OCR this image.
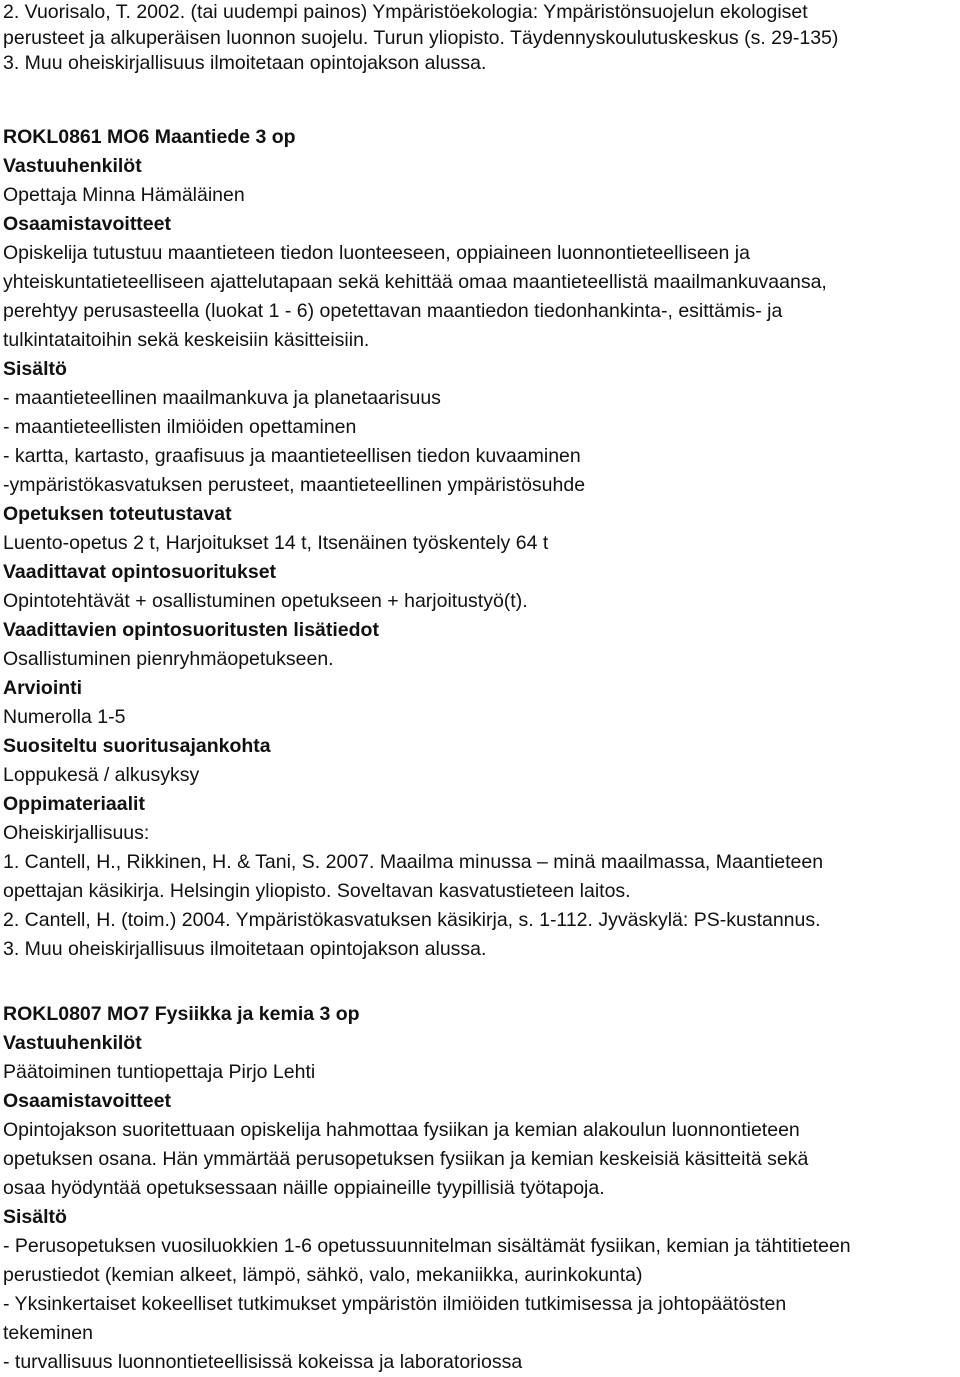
2. Vuorisalo, T. 2002. (tai uudempi painos) Ympäristöekologia: Ympäristönsuojelun ekologiset
perusteet ja alkuperäisen luonnon suojelu. Turun yliopisto. Täydennyskoulutuskeskus (s. 29-135)
3. Muu oheiskirjallisuus ilmoitetaan opintojakson alussa.
ROKL0861 MO6 Maantiede 3 op
Vastuuhenkilöt
Opettaja Minna Hämäläinen
Osaamistavoitteet
Opiskelija tutustuu maantieteen tiedon luonteeseen, oppiaineen luonnontieteelliseen ja
yhteiskuntatieteelliseen ajattelutapaan sekä kehittää omaa maantieteellistä maailmankuvaansa,
perehtyy perusasteella (luokat 1 - 6) opetettavan maantiedon tiedonhankinta-, esittämis- ja
tulkintataitoihin sekä keskeisiin käsitteisiin.
Sisältö
- maantieteellinen maailmankuva ja planetaarisuus
- maantieteellisten ilmiöiden opettaminen
- kartta, kartasto, graafisuus ja maantieteellisen tiedon kuvaaminen
-ympäristökasvatuksen perusteet, maantieteellinen ympäristösuhde
Opetuksen toteutustavat
Luento-opetus 2 t, Harjoitukset 14 t, Itsenäinen työskentely 64 t
Vaadittavat opintosuoritukset
Opintotehtävät + osallistuminen opetukseen + harjoitustyö(t).
Vaadittavien opintosuoritusten lisätiedot
Osallistuminen pienryhmäopetukseen.
Arviointi
Numerolla 1-5
Suositeltu suoritusajankohta
Loppukesä / alkusyksy
Oppimateriaalit
Oheiskirjallisuus:
1. Cantell, H., Rikkinen, H. & Tani, S. 2007. Maailma minussa – minä maailmassa, Maantieteen
opettajan käsikirja. Helsingin yliopisto. Soveltavan kasvatustieteen laitos.
2. Cantell, H. (toim.) 2004. Ympäristökasvatuksen käsikirja, s. 1-112. Jyväskylä: PS-kustannus.
3. Muu oheiskirjallisuus ilmoitetaan opintojakson alussa.
ROKL0807 MO7 Fysiikka ja kemia 3 op
Vastuuhenkilöt
Päätoiminen tuntiopettaja Pirjo Lehti
Osaamistavoitteet
Opintojakson suoritettuaan opiskelija hahmottaa fysiikan ja kemian alakoulun luonnontieteen
opetuksen osana. Hän ymmärtää perusopetuksen fysiikan ja kemian keskeisiä käsitteitä sekä
osaa hyödyntää opetuksessaan näille oppiaineille tyypillisiä työtapoja.
Sisältö
- Perusopetuksen vuosiluokkien 1-6 opetussuunnitelman sisältämät fysiikan, kemian ja tähtitieteen
perustiedot (kemian alkeet, lämpö, sähkö, valo, mekaniikka, aurinkokunta)
- Yksinkertaiset kokeelliset tutkimukset ympäristön ilmiöiden tutkimisessa ja johtopäätösten
tekeminen
- turvallisuus luonnontieteellisissä kokeissa ja laboratoriossa
